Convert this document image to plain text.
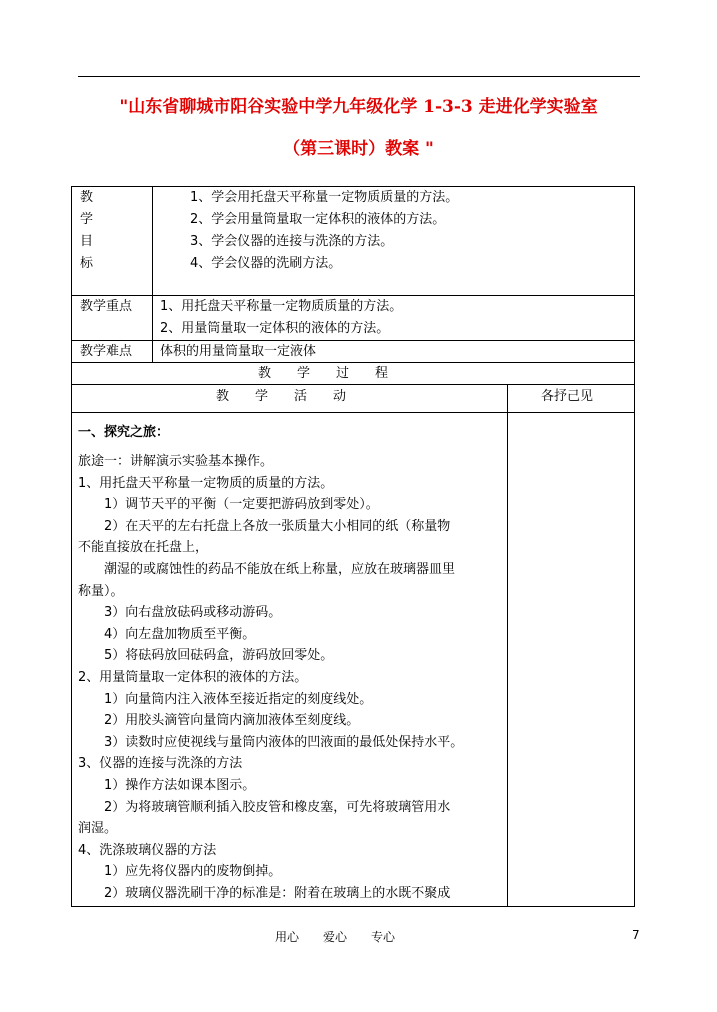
"山东省聊城市阳谷实验中学九年级化学 1-3-3 走进化学实验室
（第三课时）教案 "
教
学
目
标
1、学会用托盘天平称量一定物质质量的方法。
2、学会用量筒量取一定体积的液体的方法。
3、学会仪器的连接与洗涤的方法。
4、学会仪器的洗刷方法。
教学重点 1、用托盘天平称量一定物质质量的方法。
2、用量筒量取一定体积的液体的方法。
教学难点 体积的用量筒量取一定液体
教　　学　　过　　程
教　　学　　活　　动	各抒己见
一、探究之旅：
旅途一：讲解演示实验基本操作。
1、用托盘天平称量一定物质的质量的方法。
　　1）调节天平的平衡（一定要把游码放到零处）。
　　2）在天平的左右托盘上各放一张质量大小相同的纸（称量物
不能直接放在托盘上，
　　潮湿的或腐蚀性的药品不能放在纸上称量，应放在玻璃器皿里
称量）。
　　3）向右盘放砝码或移动游码。
　　4）向左盘加物质至平衡。
　　5）将砝码放回砝码盒，游码放回零处。
2、用量筒量取一定体积的液体的方法。
　　1）向量筒内注入液体至接近指定的刻度线处。
　　2）用胶头滴管向量筒内滴加液体至刻度线。
　　3）读数时应使视线与量筒内液体的凹液面的最低处保持水平。
3、仪器的连接与洗涤的方法
　　1）操作方法如课本图示。
　　2）为将玻璃管顺利插入胶皮管和橡皮塞，可先将玻璃管用水
润湿。
4、洗涤玻璃仪器的方法
　　1）应先将仪器内的废物倒掉。
　　2）玻璃仪器洗刷干净的标准是：附着在玻璃上的水既不聚成
用心　　爱心　　专心	7
